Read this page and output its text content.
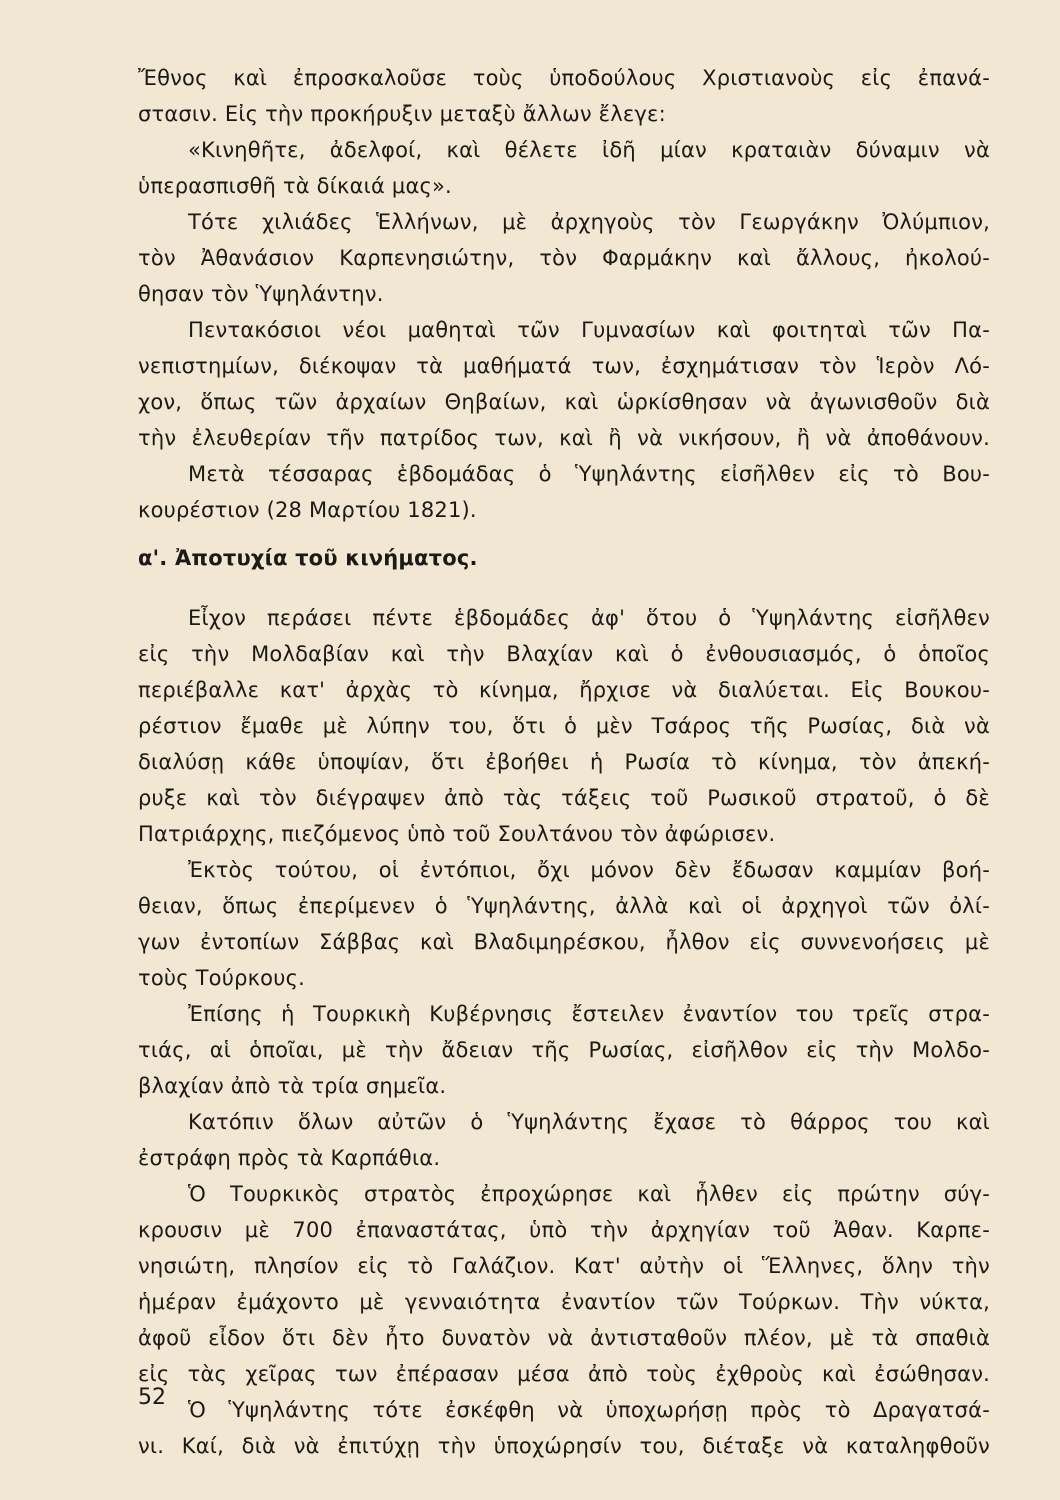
Ἔθνος καὶ ἐπροσκαλοῦσε τοὺς ὑποδούλους Χριστιανοὺς εἰς ἐπανά-
στασιν. Εἰς τὴν προκήρυξιν μεταξὺ ἄλλων ἔλεγε:
«Κινηθῆτε, ἀδελφοί, καὶ θέλετε ἰδῆ μίαν κραταιὰν δύναμιν νὰ
ὑπερασπισθῆ τὰ δίκαιά μας».
Τότε χιλιάδες Ἑλλήνων, μὲ ἀρχηγοὺς τὸν Γεωργάκην Ὀλύμπιον,
τὸν Ἀθανάσιον Καρπενησιώτην, τὸν Φαρμάκην καὶ ἄλλους, ἠκολού-
θησαν τὸν Ὑψηλάντην.
Πεντακόσιοι νέοι μαθηταὶ τῶν Γυμνασίων καὶ φοιτηταὶ τῶν Πα-
νεπιστημίων, διέκοψαν τὰ μαθήματά των, ἐσχημάτισαν τὸν Ἱερὸν Λό-
χον, ὅπως τῶν ἀρχαίων Θηβαίων, καὶ ὡρκίσθησαν νὰ ἀγωνισθοῦν διὰ
τὴν ἐλευθερίαν τῆν πατρίδος των, καὶ ἢ νὰ νικήσουν, ἢ νὰ ἀποθάνουν.
Μετὰ τέσσαρας ἑβδομάδας ὁ Ὑψηλάντης εἰσῆλθεν εἰς τὸ Βου-
κουρέστιον (28 Μαρτίου 1821).
α'. Ἀποτυχία τοῦ κινήματος.
Εἶχον περάσει πέντε ἑβδομάδες ἀφ' ὅτου ὁ Ὑψηλάντης εἰσῆλθεν
εἰς τὴν Μολδαβίαν καὶ τὴν Βλαχίαν καὶ ὁ ἐνθουσιασμός, ὁ ὁποῖος
περιέβαλλε κατ' ἀρχὰς τὸ κίνημα, ἤρχισε νὰ διαλύεται. Εἰς Βουκου-
ρέστιον ἔμαθε μὲ λύπην του, ὅτι ὁ μὲν Τσάρος τῆς Ρωσίας, διὰ νὰ
διαλύσῃ κάθε ὑποψίαν, ὅτι ἐβοήθει ἡ Ρωσία τὸ κίνημα, τὸν ἀπεκή-
ρυξε καὶ τὸν διέγραψεν ἀπὸ τὰς τάξεις τοῦ Ρωσικοῦ στρατοῦ, ὁ δὲ
Πατριάρχης, πιεζόμενος ὑπὸ τοῦ Σουλτάνου τὸν ἀφώρισεν.
Ἐκτὸς τούτου, οἱ ἐντόπιοι, ὄχι μόνον δὲν ἔδωσαν καμμίαν βοή-
θειαν, ὅπως ἐπερίμενεν ὁ Ὑψηλάντης, ἀλλὰ καὶ οἱ ἀρχηγοὶ τῶν ὀλί-
γων ἐντοπίων Σάββας καὶ Βλαδιμηρέσκου, ἦλθον εἰς συννενοήσεις μὲ
τοὺς Τούρκους.
Ἐπίσης ἡ Τουρκικὴ Κυβέρνησις ἔστειλεν ἐναντίον του τρεῖς στρα-
τιάς, αἱ ὁποῖαι, μὲ τὴν ἄδειαν τῆς Ρωσίας, εἰσῆλθον εἰς τὴν Μολδο-
βλαχίαν ἀπὸ τὰ τρία σημεῖα.
Κατόπιν ὅλων αὐτῶν ὁ Ὑψηλάντης ἔχασε τὸ θάρρος του καὶ
ἐστράφη πρὸς τὰ Καρπάθια.
Ὁ Τουρκικὸς στρατὸς ἐπροχώρησε καὶ ἦλθεν εἰς πρώτην σύγ-
κρουσιν μὲ 700 ἐπαναστάτας, ὑπὸ τὴν ἀρχηγίαν τοῦ Ἀθαν. Καρπε-
νησιώτη, πλησίον εἰς τὸ Γαλάζιον. Κατ' αὐτὴν οἱ Ἕλληνες, ὅλην τὴν
ἡμέραν ἐμάχοντο μὲ γενναιότητα ἐναντίον τῶν Τούρκων. Τὴν νύκτα,
ἀφοῦ εἶδον ὅτι δὲν ἦτο δυνατὸν νὰ ἀντισταθοῦν πλέον, μὲ τὰ σπαθιὰ
εἰς τὰς χεῖρας των ἐπέρασαν μέσα ἀπὸ τοὺς ἐχθροὺς καὶ ἐσώθησαν.
Ὁ Ὑψηλάντης τότε ἐσκέφθη νὰ ὑποχωρήσῃ πρὸς τὸ Δραγατσά-
νι. Καί, διὰ νὰ ἐπιτύχῃ τὴν ὑποχώρησίν του, διέταξε νὰ καταληφθοῦν
52
